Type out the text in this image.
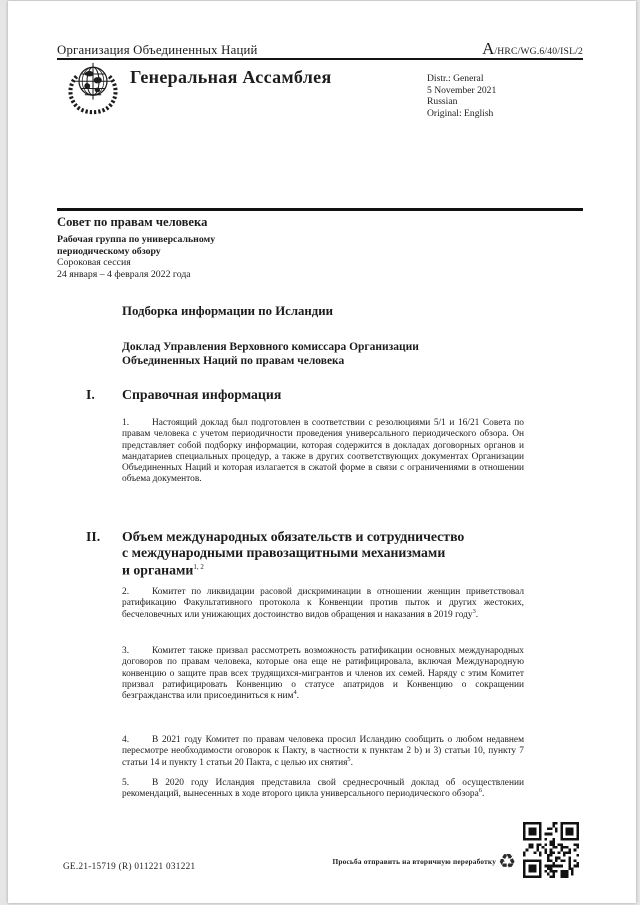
Организация Объединенных Наций	A /HRC/WG.6/40/ISL/2
Генеральная Ассамблея	Distr.: General
5 November 2021
Russian
Original: English

Совет по правам человека

Рабочая группа по универсальному
периодическому обзору

Сороковая сессия

24 января – 4 февраля 2022 года

Подборка информации по Исландии
Доклад Управления Верховного комиссара Организации
Объединенных Наций по правам человека
I. Справочная информация

1. Настоящий доклад был подготовлен в соответствии с резолюциями 5/1 и 16/21 Совета по правам человека с учетом периодичности проведения универсального периодического обзора. Он представляет собой подборку информации, которая содержится в докладах договорных органов и мандатариев специальных процедур, а также в других соответствующих документах Организации Объединенных Наций и которая излагается в сжатой форме в связи с ограничениями в отношении объема документов.

II. Объем международных обязательств и сотрудничество
с международными правозащитными механизмами
и органами$^{1, 2}$

2. Комитет по ликвидации расовой дискриминации в отношении женщин приветствовал ратификацию Факультативного протокола к Конвенции против пыток и других жестоких, бесчеловечных или унижающих достоинство видов обращения и наказания в 2019 году$^3$.

3. Комитет также призвал рассмотреть возможность ратификации основных международных договоров по правам человека, которые она еще не ратифицировала, включая Международную конвенцию о защите прав всех трудящихся-мигрантов и членов их семей. Наряду с этим Комитет призвал ратифицировать Конвенцию о статусе апатридов и Конвенцию о сокращении безгражданства или присоединиться к ним$^4$.

4. В 2021 году Комитет по правам человека просил Исландию сообщить о любом недавнем пересмотре необходимости оговорок к Пакту, в частности к пунктам 2 b) и 3) статьи 10, пункту 7 статьи 14 и пункту 1 статьи 20 Пакта, с целью их снятия$^5$.

5. В 2020 году Исландия представила свой среднесрочный доклад об осуществлении рекомендаций, вынесенных в ходе второго цикла универсального периодического обзора$^6$.

GE.21-15719 (R) 011221 031221	Просьба отправить на вторичную переработку ♻
